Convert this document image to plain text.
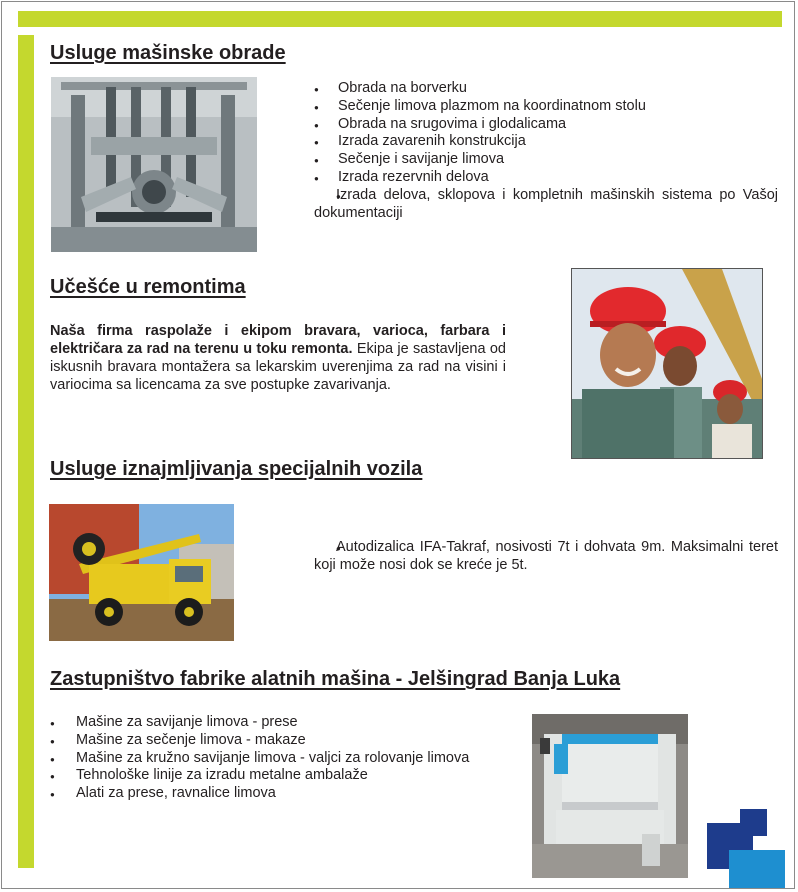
Usluge mašinske obrade
● Obrada na borverku
● Sečenje limova plazmom na koordinatnom stolu
● Obrada na srugovima i glodalicama
● Izrada zavarenih konstrukcija
● Sečenje i savijanje limova
● Izrada rezervnih delova
● Izrada delova, sklopova i kompletnih mašinskih sistema po Vašoj dokumentaciji
Učešće u remontima
Naša firma raspolaže i ekipom bravara, varioca, farbara i električara za rad na terenu u toku remonta. Ekipa je sastavljena od iskusnih bravara montažera sa lekarskim uverenjima za rad na visini i variocima sa licencama za sve postupke zavarivanja.
Usluge iznajmljivanja specijalnih vozila
● Autodizalica IFA-Takraf, nosivosti 7t i dohvata 9m. Maksimalni teret koji može nosi dok se kreće je 5t.
Zastupništvo fabrike alatnih mašina - Jelšingrad Banja Luka
● Mašine za savijanje limova - prese
● Mašine za sečenje limova - makaze
● Mašine za kružno savijanje limova - valjci za rolovanje limova
● Tehnološke linije za izradu metalne ambalaže
● Alati za prese, ravnalice limova
